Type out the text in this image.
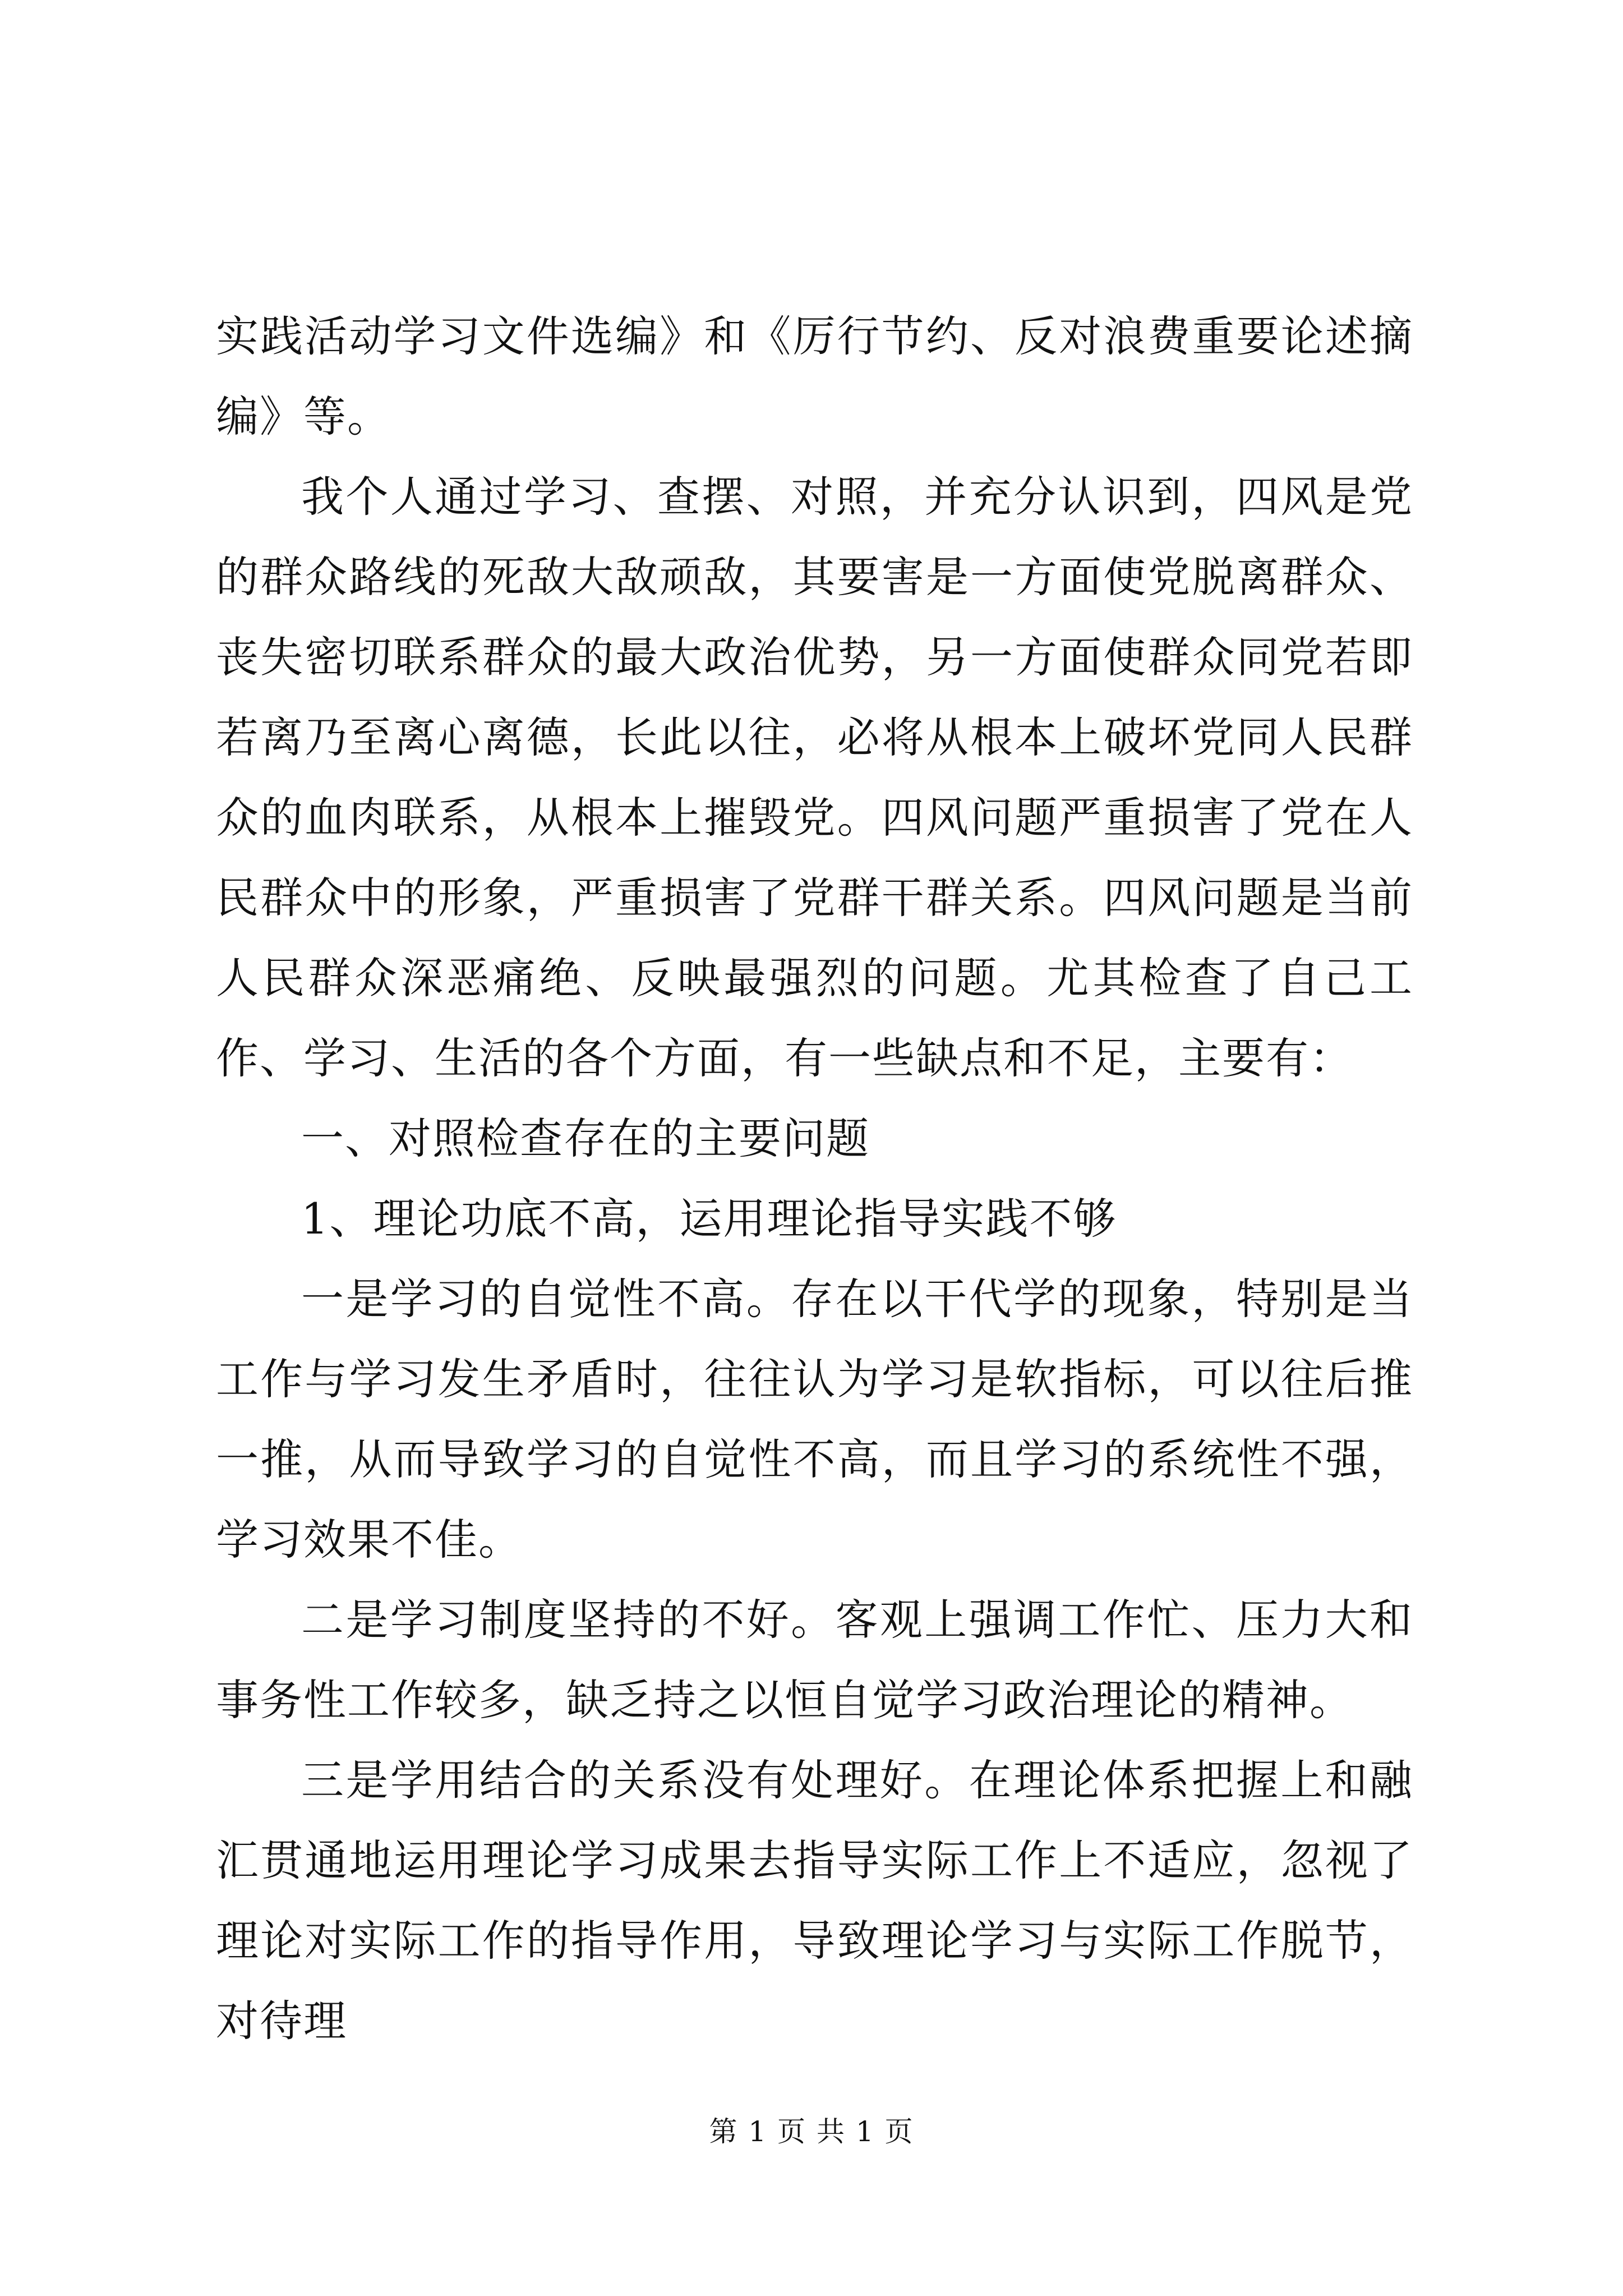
实践活动学习文件选编》和《厉行节约、反对浪费重要论述摘编》等。

我个人通过学习、查摆、对照，并充分认识到，四风是党的群众路线的死敌大敌顽敌，其要害是一方面使党脱离群众、丧失密切联系群众的最大政治优势，另一方面使群众同党若即若离乃至离心离德，长此以往，必将从根本上破坏党同人民群众的血肉联系，从根本上摧毁党。四风问题严重损害了党在人民群众中的形象，严重损害了党群干群关系。四风问题是当前人民群众深恶痛绝、反映最强烈的问题。尤其检查了自己工作、学习、生活的各个方面，有一些缺点和不足，主要有：

一、对照检查存在的主要问题

1、理论功底不高，运用理论指导实践不够

一是学习的自觉性不高。存在以干代学的现象，特别是当工作与学习发生矛盾时，往往认为学习是软指标，可以往后推一推，从而导致学习的自觉性不高，而且学习的系统性不强，学习效果不佳。

二是学习制度坚持的不好。客观上强调工作忙、压力大和事务性工作较多，缺乏持之以恒自觉学习政治理论的精神。

三是学用结合的关系没有处理好。在理论体系把握上和融汇贯通地运用理论学习成果去指导实际工作上不适应，忽视了理论对实际工作的指导作用，导致理论学习与实际工作脱节，对待理

第 1 页 共 1 页
